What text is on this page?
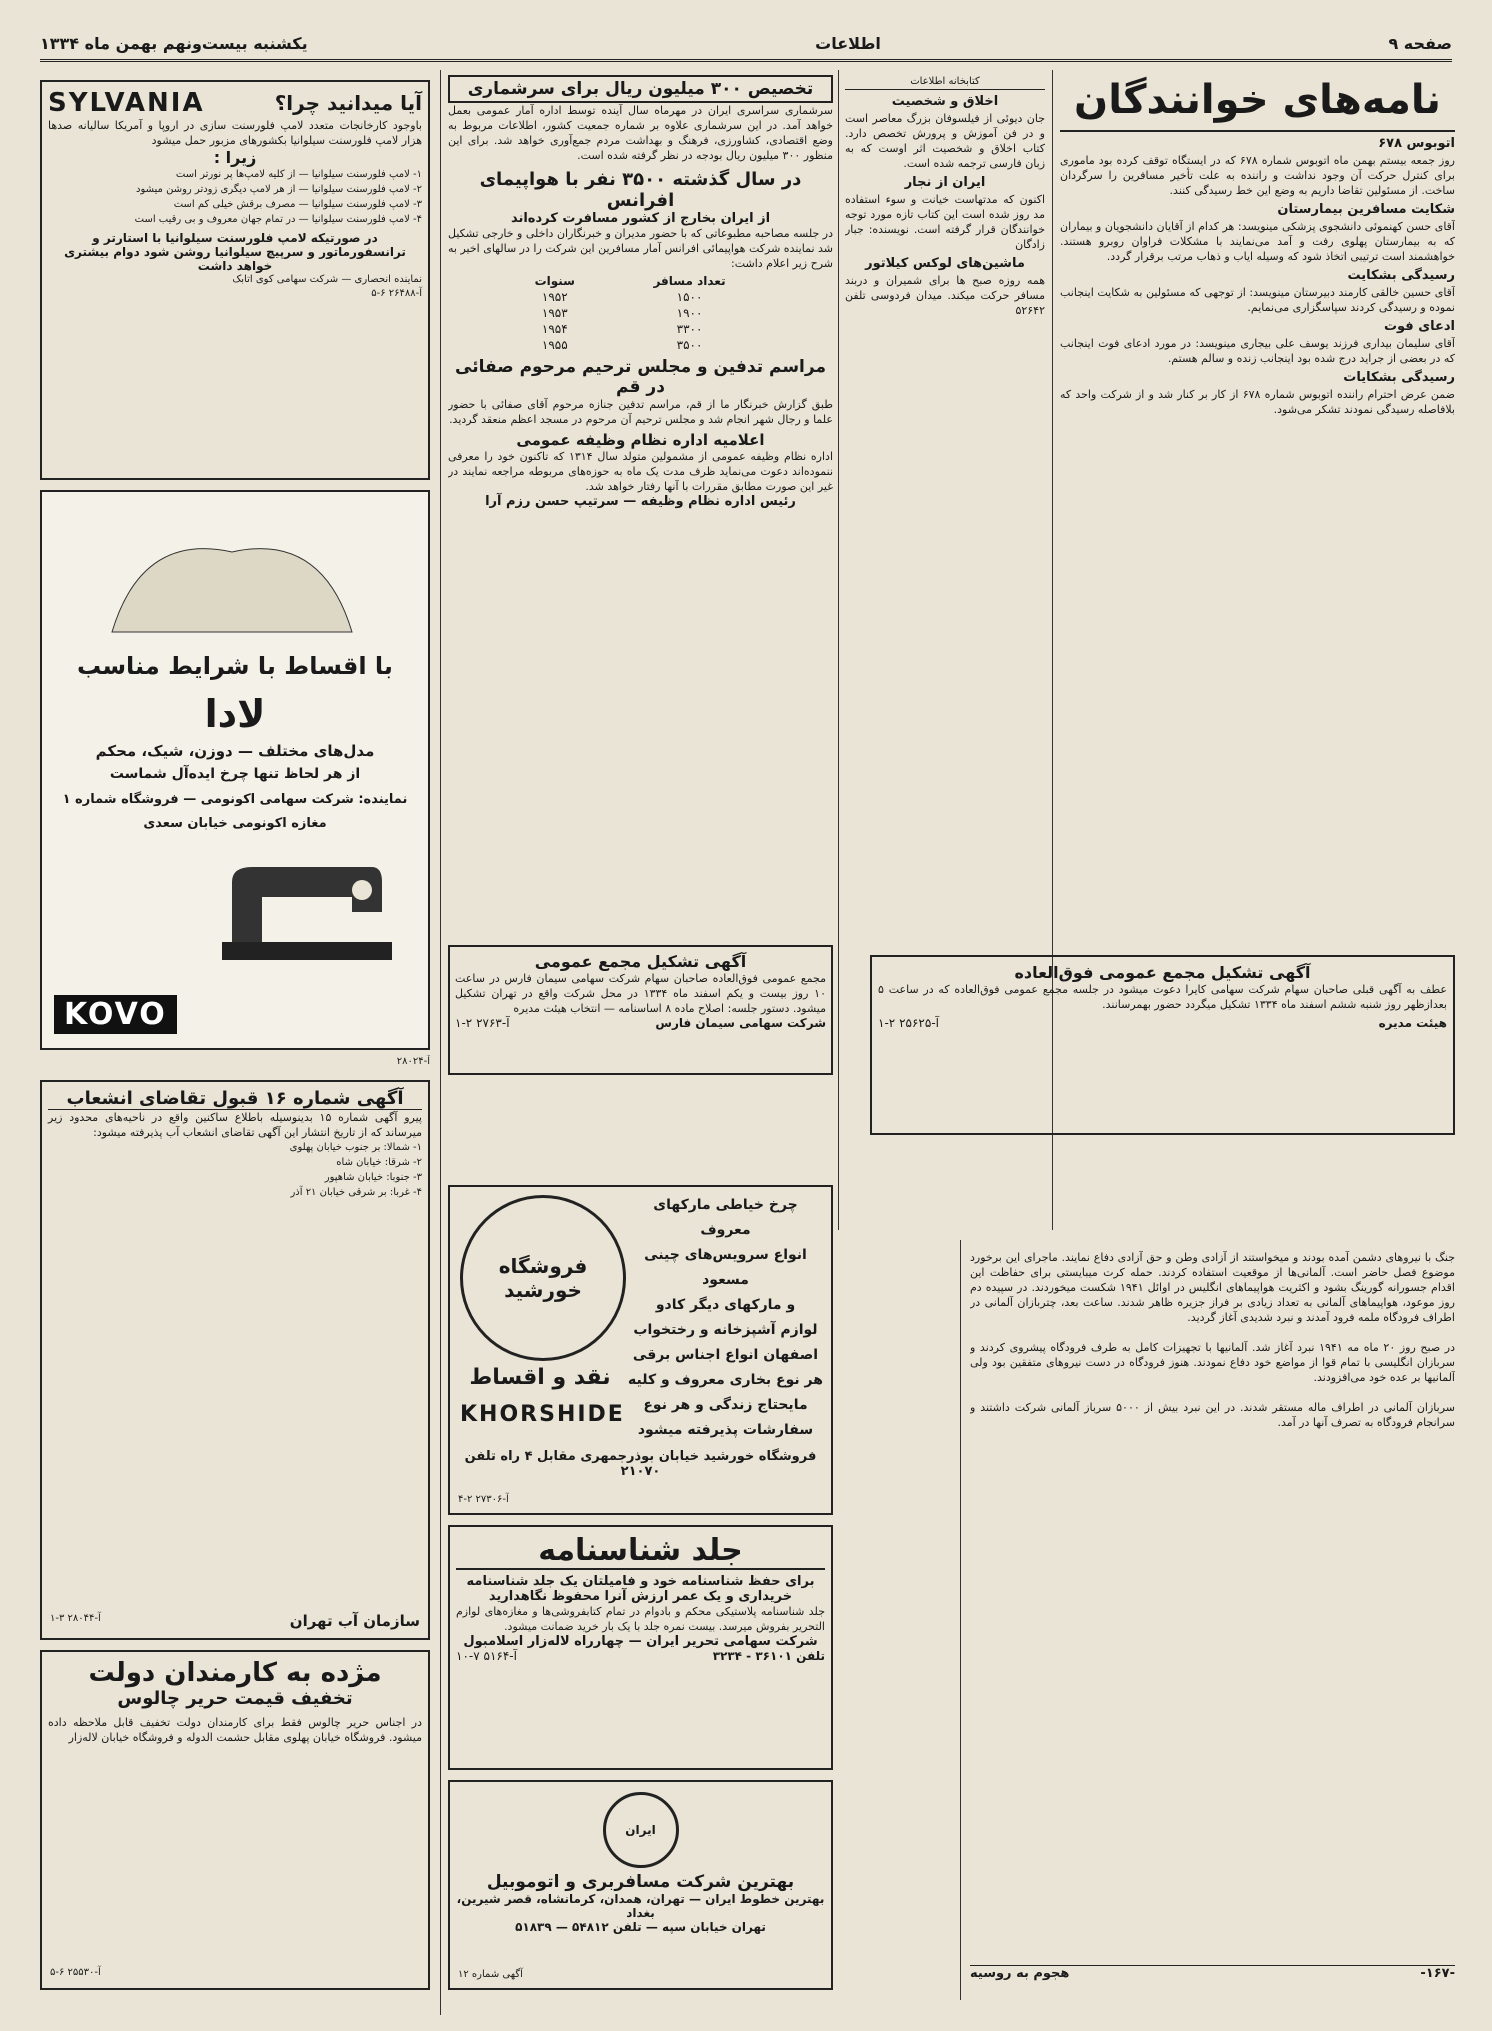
صفحه ۹
اطلاعات
یکشنبه بیست‌ونهم بهمن ماه ۱۳۳۴
نامه‌های خوانندگان
اتوبوس ۶۷۸
روز جمعه بیستم بهمن ماه اتوبوس شماره ۶۷۸ که در ایستگاه توقف کرده بود ماموری برای کنترل حرکت آن وجود نداشت و راننده به علت تأخیر مسافرین را سرگردان ساخت. از مسئولین تقاضا داریم به وضع این خط رسیدگی کنند.
شکایت مسافرین بیمارستان
آقای حسن کهنموئی دانشجوی پزشکی مینویسد: هر کدام از آقایان دانشجویان و بیماران که به بیمارستان پهلوی رفت و آمد می‌نمایند با مشکلات فراوان روبرو هستند. خواهشمند است ترتیبی اتخاذ شود که وسیله ایاب و ذهاب مرتب برقرار گردد.
رسیدگی بشکایت
آقای حسین خالقی کارمند دبیرستان مینویسد: از توجهی که مسئولین به شکایت اینجانب نموده و رسیدگی کردند سپاسگزاری می‌نمایم.
ادعای فوت
آقای سلیمان بیداری فرزند یوسف علی بیجاری مینویسد: در مورد ادعای فوت اینجانب که در بعضی از جراید درج شده بود اینجانب زنده و سالم هستم.
رسیدگی بشکایات
ضمن عرض احترام راننده اتوبوس شماره ۶۷۸ از کار بر کنار شد و از شرکت واحد که بلافاصله رسیدگی نمودند تشکر می‌شود.
آگهی تشکیل مجمع عمومی فوق‌العاده
عطف به آگهی قبلی صاحبان سهام شرکت سهامی کایرا دعوت میشود در جلسه مجمع عمومی فوق‌العاده که در ساعت ۵ بعدازظهر روز شنبه ششم اسفند ماه ۱۳۳۴ تشکیل میگردد حضور بهمرسانند.
هیئت مدیره
آ-۲۵۶۲۵ ۲-۱
کتابخانه اطلاعات
اخلاق و شخصیت
جان دیوئی از فیلسوفان بزرگ معاصر است و در فن آموزش و پرورش تخصص دارد. کتاب اخلاق و شخصیت اثر اوست که به زبان فارسی ترجمه شده است.
ایران از نجار
اکنون که مدتهاست خیانت و سوء استفاده مد روز شده است این کتاب تازه مورد توجه خوانندگان قرار گرفته است. نویسنده: جبار زادگان
ماشین‌های لوکس کیلاتور
همه روزه صبح ها برای شمیران و دربند مسافر حرکت میکند. میدان فردوسی تلفن ۵۲۶۴۲
تخصیص ۳۰۰ میلیون ریال برای سرشماری
سرشماری سراسری ایران در مهرماه سال آینده توسط اداره آمار عمومی بعمل خواهد آمد. در این سرشماری علاوه بر شماره جمعیت کشور، اطلاعات مربوط به وضع اقتصادی، کشاورزی، فرهنگ و بهداشت مردم جمع‌آوری خواهد شد. برای این منظور ۳۰۰ میلیون ریال بودجه در نظر گرفته شده است.
در سال گذشته ۳۵۰۰ نفر با هواپیمای افرانس
از ایران بخارج از کشور مسافرت کرده‌اند
در جلسه مصاحبه مطبوعاتی که با حضور مدیران و خبرنگاران داخلی و خارجی تشکیل شد نماینده شرکت هواپیمائی افرانس آمار مسافرین این شرکت را در سالهای اخیر به شرح زیر اعلام داشت:
تعداد مسافر	سنوات
۱۵۰۰	۱۹۵۲
۱۹۰۰	۱۹۵۳
۳۳۰۰	۱۹۵۴
۳۵۰۰	۱۹۵۵
مراسم تدفین و مجلس ترحیم مرحوم صفائی در قم
طبق گزارش خبرنگار ما از قم، مراسم تدفین جنازه مرحوم آقای صفائی با حضور علما و رجال شهر انجام شد و مجلس ترحیم آن مرحوم در مسجد اعظم منعقد گردید.
اعلامیه اداره نظام وظیفه عمومی
اداره نظام وظیفه عمومی از مشمولین متولد سال ۱۳۱۴ که تاکنون خود را معرفی ننموده‌اند دعوت می‌نماید ظرف مدت یک ماه به حوزه‌های مربوطه مراجعه نمایند در غیر این صورت مطابق مقررات با آنها رفتار خواهد شد.
رئیس اداره نظام وظیفه — سرتیپ حسن رزم آرا
آگهی تشکیل مجمع عمومی
مجمع عمومی فوق‌العاده صاحبان سهام شرکت سهامی سیمان فارس در ساعت ۱۰ روز بیست و یکم اسفند ماه ۱۳۳۴ در محل شرکت واقع در تهران تشکیل میشود. دستور جلسه: اصلاح ماده ۸ اساسنامه — انتخاب هیئت مدیره
شرکت سهامی سیمان فارس
آ-۲۷۶۳ ۲-۱
آیا میدانید چرا؟
SYLVANIA
باوجود کارخانجات متعدد لامپ فلورسنت سازی در اروپا و آمریکا سالیانه صدها هزار لامپ فلورسنت سیلوانیا بکشورهای مزبور حمل میشود
زیرا :
۱- لامپ فلورسنت سیلوانیا — از کلیه لامپ‌ها پر نورتر است
۲- لامپ فلورسنت سیلوانیا — از هر لامپ دیگری زودتر روشن میشود
۳- لامپ فلورسنت سیلوانیا — مصرف برقش خیلی کم است
۴- لامپ فلورسنت سیلوانیا — در تمام جهان معروف و بی رقیب است
در صورتیکه لامپ فلورسنت سیلوانیا با استارتر و ترانسفورماتور و سرپیچ سیلوانیا روشن شود دوام بیشتری خواهد داشت
نماینده انحصاری — شرکت سهامی کوی اتابک
آ-۲۶۴۸۸ ۶-۵
با اقساط با شرایط مناسب
لادا
مدل‌های مختلف — دوزن، شیک، محکم
از هر لحاظ تنها چرخ ایده‌آل شماست
نماینده: شرکت سهامی اکونومی — فروشگاه شماره ۱
مغازه اکونومی خیابان سعدی
KOVO
آ-۲۸۰۲۴
آگهی شماره ۱۶ قبول تقاضای انشعاب
پیرو آگهی شماره ۱۵ بدینوسیله باطلاع ساکنین واقع در ناحیه‌های محدود زیر میرساند که از تاریخ انتشار این آگهی تقاضای انشعاب آب پذیرفته میشود:
۱- شمالا: بر جنوب خیابان پهلوی
۲- شرقا: خیابان شاه
۳- جنوبا: خیابان شاهپور
۴- غربا: بر شرقی خیابان ۲۱ آذر
سازمان آب تهران
آ-۲۸۰۴۴ ۳-۱
مژده به کارمندان دولت
تخفیف قیمت حریر چالوس
در اجناس حریر چالوس فقط برای کارمندان دولت تخفیف قابل ملاحظه داده میشود. فروشگاه خیابان پهلوی مقابل حشمت الدوله و فروشگاه خیابان لاله‌زار
آ-۲۵۵۳۰ ۶-۵
چرخ خیاطی مارکهای معروف
انواع سرویس‌های چینی مسعود
و مارکهای دیگر کادو
لوازم آشپزخانه و رختخواب
اصفهان انواع اجناس برقی
هر نوع بخاری معروف و کلیه
مایحتاج زندگی و هر نوع
سفارشات پذیرفته میشود
فروشگاه خورشید
نقد و اقساط
KHORSHIDE
فروشگاه خورشید خیابان بوذرجمهری مقابل ۴ راه تلفن ۲۱۰۷۰
آ-۲۷۳۰۶ ۲-۴
جلد شناسنامه
برای حفظ شناسنامه خود و فامیلتان یک جلد شناسنامه خریداری و یک عمر ارزش آنرا محفوظ نگاهدارید
جلد شناسنامه پلاستیکی محکم و بادوام در تمام کتابفروشی‌ها و مغازه‌های لوازم التحریر بفروش میرسد. بیست نمره جلد با یک بار خرید ضمانت میشود.
شرکت سهامی تحریر ایران — چهارراه لاله‌زار اسلامبول
تلفن ۳۶۱۰۱ - ۳۲۳۴
آ-۵۱۶۴ ۷-۱۰
ایران
بهترین شرکت مسافربری و اتوموبیل
بهترین خطوط ایران — تهران، همدان، کرمانشاه، قصر شیرین، بغداد
تهران خیابان سپه — تلفن ۵۴۸۱۲ — ۵۱۸۳۹
آگهی شماره ۱۲
جنگ با نیروهای دشمن آمده بودند و میخواستند از آزادی وطن و حق آزادی دفاع نمایند. ماجرای این برخورد موضوع فصل حاضر است. آلمانی‌ها از موقعیت استفاده کردند. حمله کرت میبایستی برای حفاظت این اقدام جسورانه گورینگ بشود و اکثریت هواپیماهای انگلیس در اوائل ۱۹۴۱ شکست میخوردند. در سپیده دم روز موعود، هواپیماهای آلمانی به تعداد زیادی بر فراز جزیره ظاهر شدند. ساعت بعد، چتربازان آلمانی در اطراف فرودگاه ملمه فرود آمدند و نبرد شدیدی آغاز گردید.

در صبح روز ۲۰ ماه مه ۱۹۴۱ نبرد آغاز شد. آلمانیها با تجهیزات کامل به طرف فرودگاه پیشروی کردند و سربازان انگلیسی با تمام قوا از مواضع خود دفاع نمودند. هنوز فرودگاه در دست نیروهای متفقین بود ولی آلمانیها بر عده خود می‌افزودند.

سربازان آلمانی در اطراف ماله مستقر شدند. در این نبرد بیش از ۵۰۰۰ سرباز آلمانی شرکت داشتند و سرانجام فرودگاه به تصرف آنها در آمد.
-۱۶۷-
هجوم به روسیه
